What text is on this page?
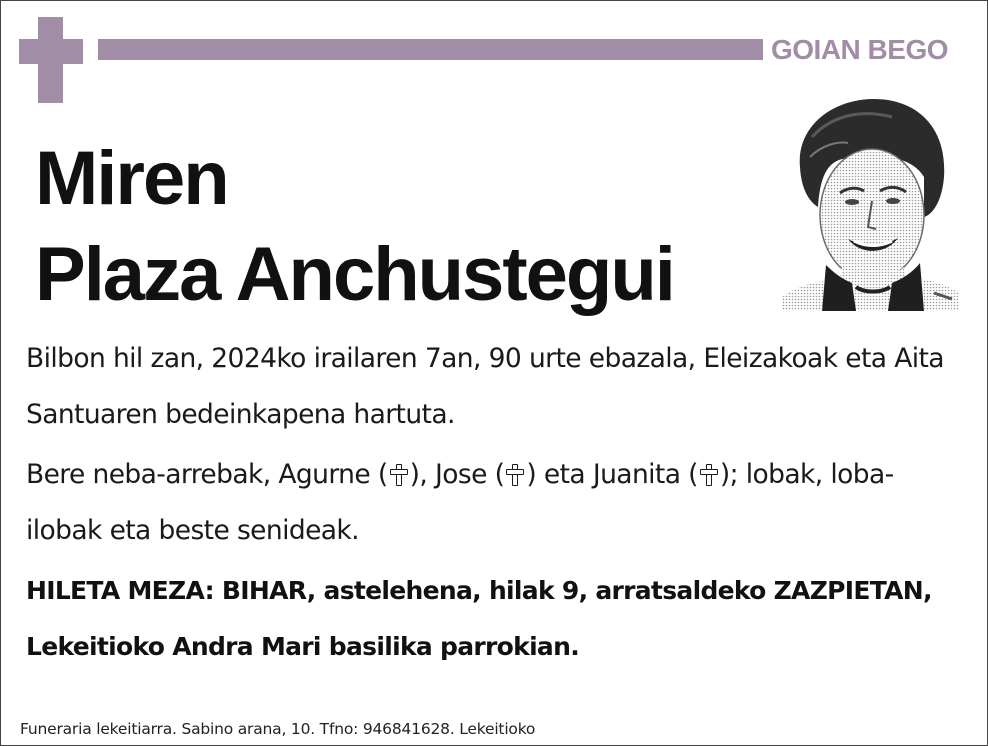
GOIAN BEGO
Miren
Plaza Anchustegui

Bilbon hil zan, 2024ko irailaren 7an, 90 urte ebazala, Eleizakoak eta Aita Santuaren bedeinkapena hartuta.

Bere neba-arrebak, Agurne ( ), Jose ( ) eta Juanita ( ); lobak, loba-ilobak eta beste senideak.

HILETA MEZA: BIHAR, astelehena, hilak 9, arratsaldeko ZAZPIETAN, Lekeitioko Andra Mari basilika parrokian.

Funeraria lekeitiarra. Sabino arana, 10. Tfno: 946841628. Lekeitioko
